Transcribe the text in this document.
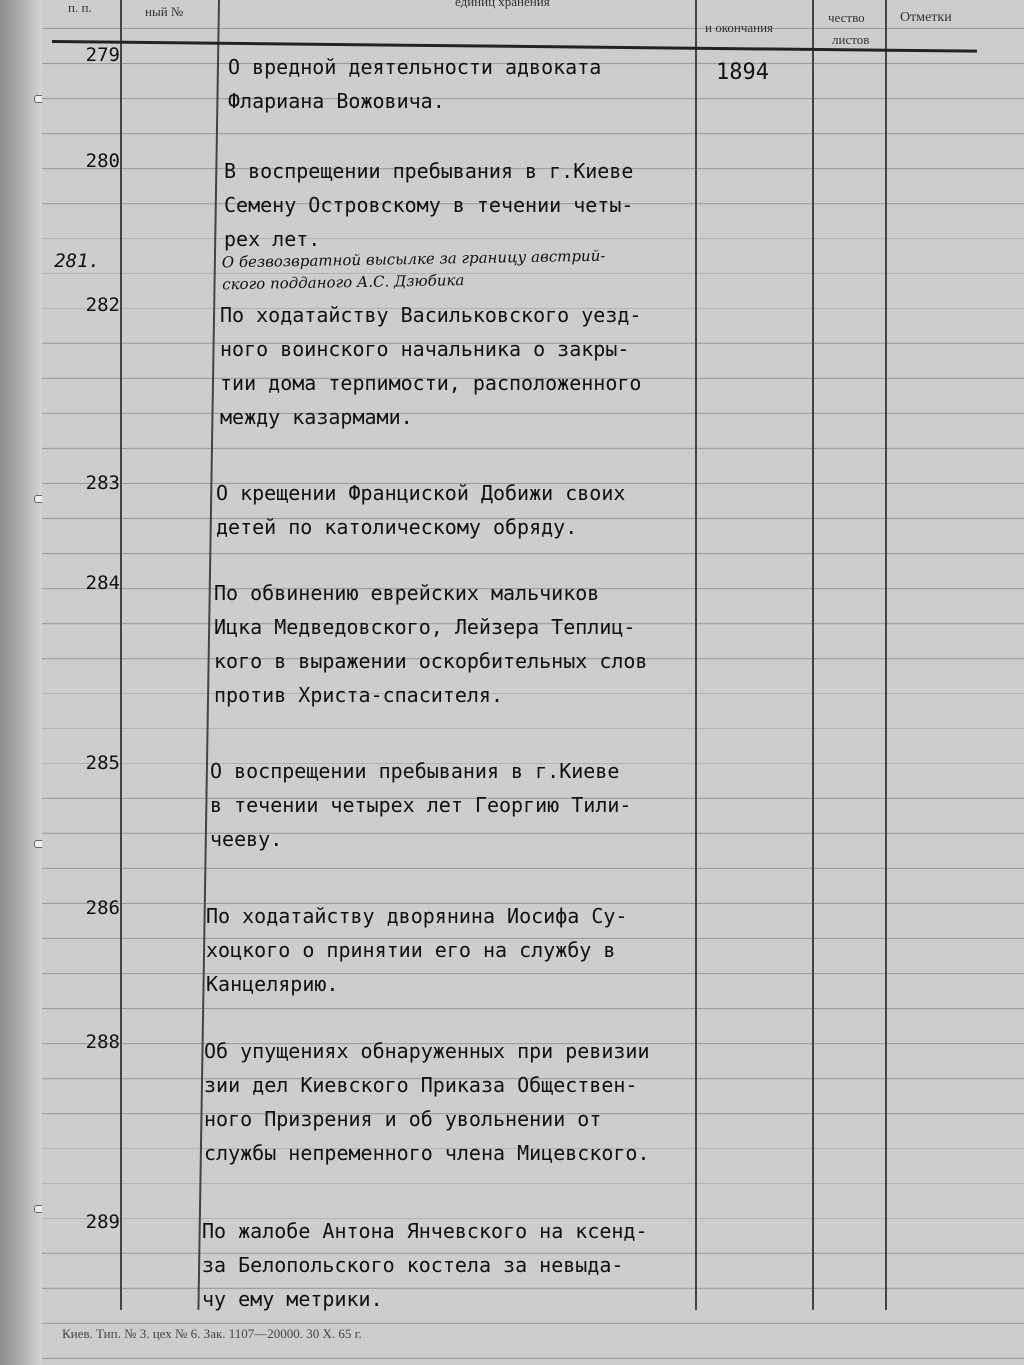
п. п.	ный №
единиц хранения
и окончания
чество
листов
Отметки
279	О вредной деятельности адвоката
Флариана Вожовича.
1894
280	В воспрещении пребывания в г.Киеве
Семену Островскому в течении четы-
рех лет.
281.	О безвозвратной высылке за границу австрий-
ского подданого А.С. Дзюбика
282	По ходатайству Васильковского уезд-
ного воинского начальника о закры-
тии дома терпимости, расположенного
между казармами.
283	О крещении Францискoй Добижи своих
детей по католическому обряду.
284	По обвинению еврейских мальчиков
Ицка Медведовского, Лейзера Теплиц-
кого в выражении оскорбительных слов
против Христа-спасителя.
285	О воспрещении пребывания в г.Киеве
в течении четырех лет Георгию Тили-
чееву.
286	По ходатайству дворянина Иосифа Су-
хоцкого о принятии его на службу в
Канцелярию.
288	Об упущениях обнаруженных при ревизии
зии дел Киевского Приказа Обществен-
ного Призрения и об увольнении от
службы непременного члена Мицевского.
289	По жалобе Антона Янчевского на ксенд-
за Белопольского костела за невыда-
чу ему метрики.
Киев. Тип. № 3. цех № 6. Зак. 1107—20000. 30 X. 65 г.
